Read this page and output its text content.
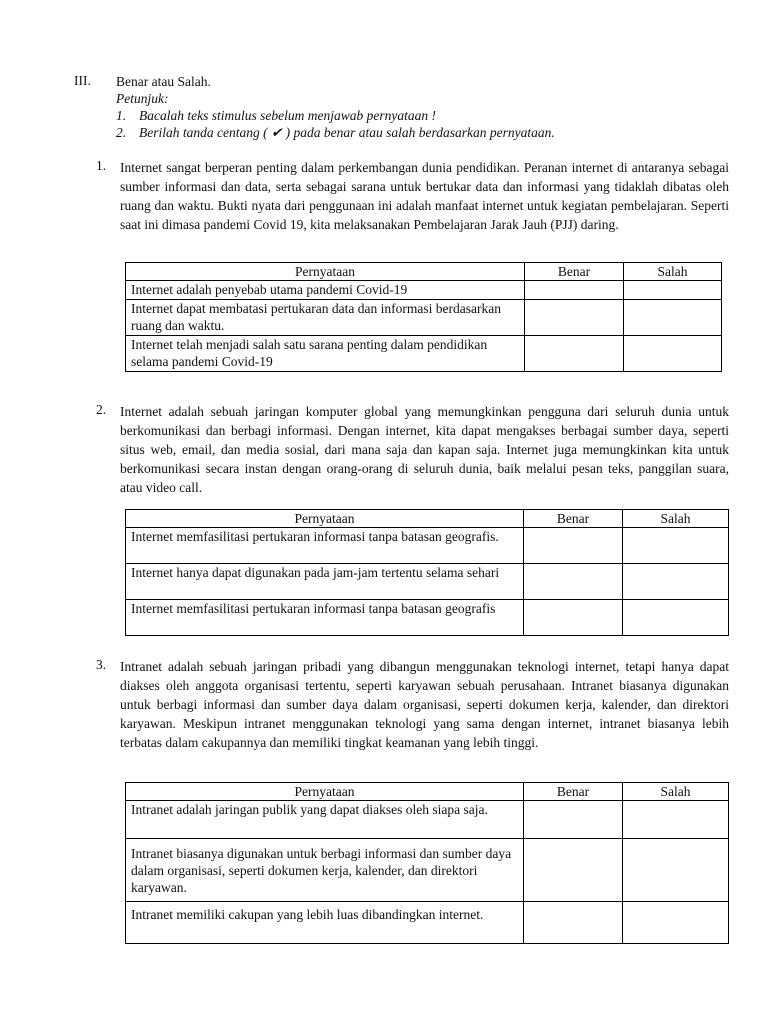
III. Benar atau Salah.
Petunjuk:
1. Bacalah teks stimulus sebelum menjawab pernyataan !
2. Berilah tanda centang ( ✔ ) pada benar atau salah berdasarkan pernyataan.
1. Internet sangat berperan penting dalam perkembangan dunia pendidikan. Peranan internet di antaranya sebagai sumber informasi dan data, serta sebagai sarana untuk bertukar data dan informasi yang tidaklah dibatas oleh ruang dan waktu. Bukti nyata dari penggunaan ini adalah manfaat internet untuk kegiatan pembelajaran. Seperti saat ini dimasa pandemi Covid 19, kita melaksanakan Pembelajaran Jarak Jauh (PJJ) daring.
Pernyataan	Benar	Salah
Internet adalah penyebab utama pandemi Covid-19		
Internet dapat membatasi pertukaran data dan informasi berdasarkan ruang dan waktu.		
Internet telah menjadi salah satu sarana penting dalam pendidikan selama pandemi Covid-19		
2. Internet adalah sebuah jaringan komputer global yang memungkinkan pengguna dari seluruh dunia untuk berkomunikasi dan berbagi informasi. Dengan internet, kita dapat mengakses berbagai sumber daya, seperti situs web, email, dan media sosial, dari mana saja dan kapan saja. Internet juga memungkinkan kita untuk berkomunikasi secara instan dengan orang-orang di seluruh dunia, baik melalui pesan teks, panggilan suara, atau video call.
Pernyataan	Benar	Salah
Internet memfasilitasi pertukaran informasi tanpa batasan geografis.		
Internet hanya dapat digunakan pada jam-jam tertentu selama sehari		
Internet memfasilitasi pertukaran informasi tanpa batasan geografis		
3. Intranet adalah sebuah jaringan pribadi yang dibangun menggunakan teknologi internet, tetapi hanya dapat diakses oleh anggota organisasi tertentu, seperti karyawan sebuah perusahaan. Intranet biasanya digunakan untuk berbagi informasi dan sumber daya dalam organisasi, seperti dokumen kerja, kalender, dan direktori karyawan. Meskipun intranet menggunakan teknologi yang sama dengan internet, intranet biasanya lebih terbatas dalam cakupannya dan memiliki tingkat keamanan yang lebih tinggi.
Pernyataan	Benar	Salah
Intranet adalah jaringan publik yang dapat diakses oleh siapa saja.		
Intranet biasanya digunakan untuk berbagi informasi dan sumber daya dalam organisasi, seperti dokumen kerja, kalender, dan direktori karyawan.		
Intranet memiliki cakupan yang lebih luas dibandingkan internet.		
